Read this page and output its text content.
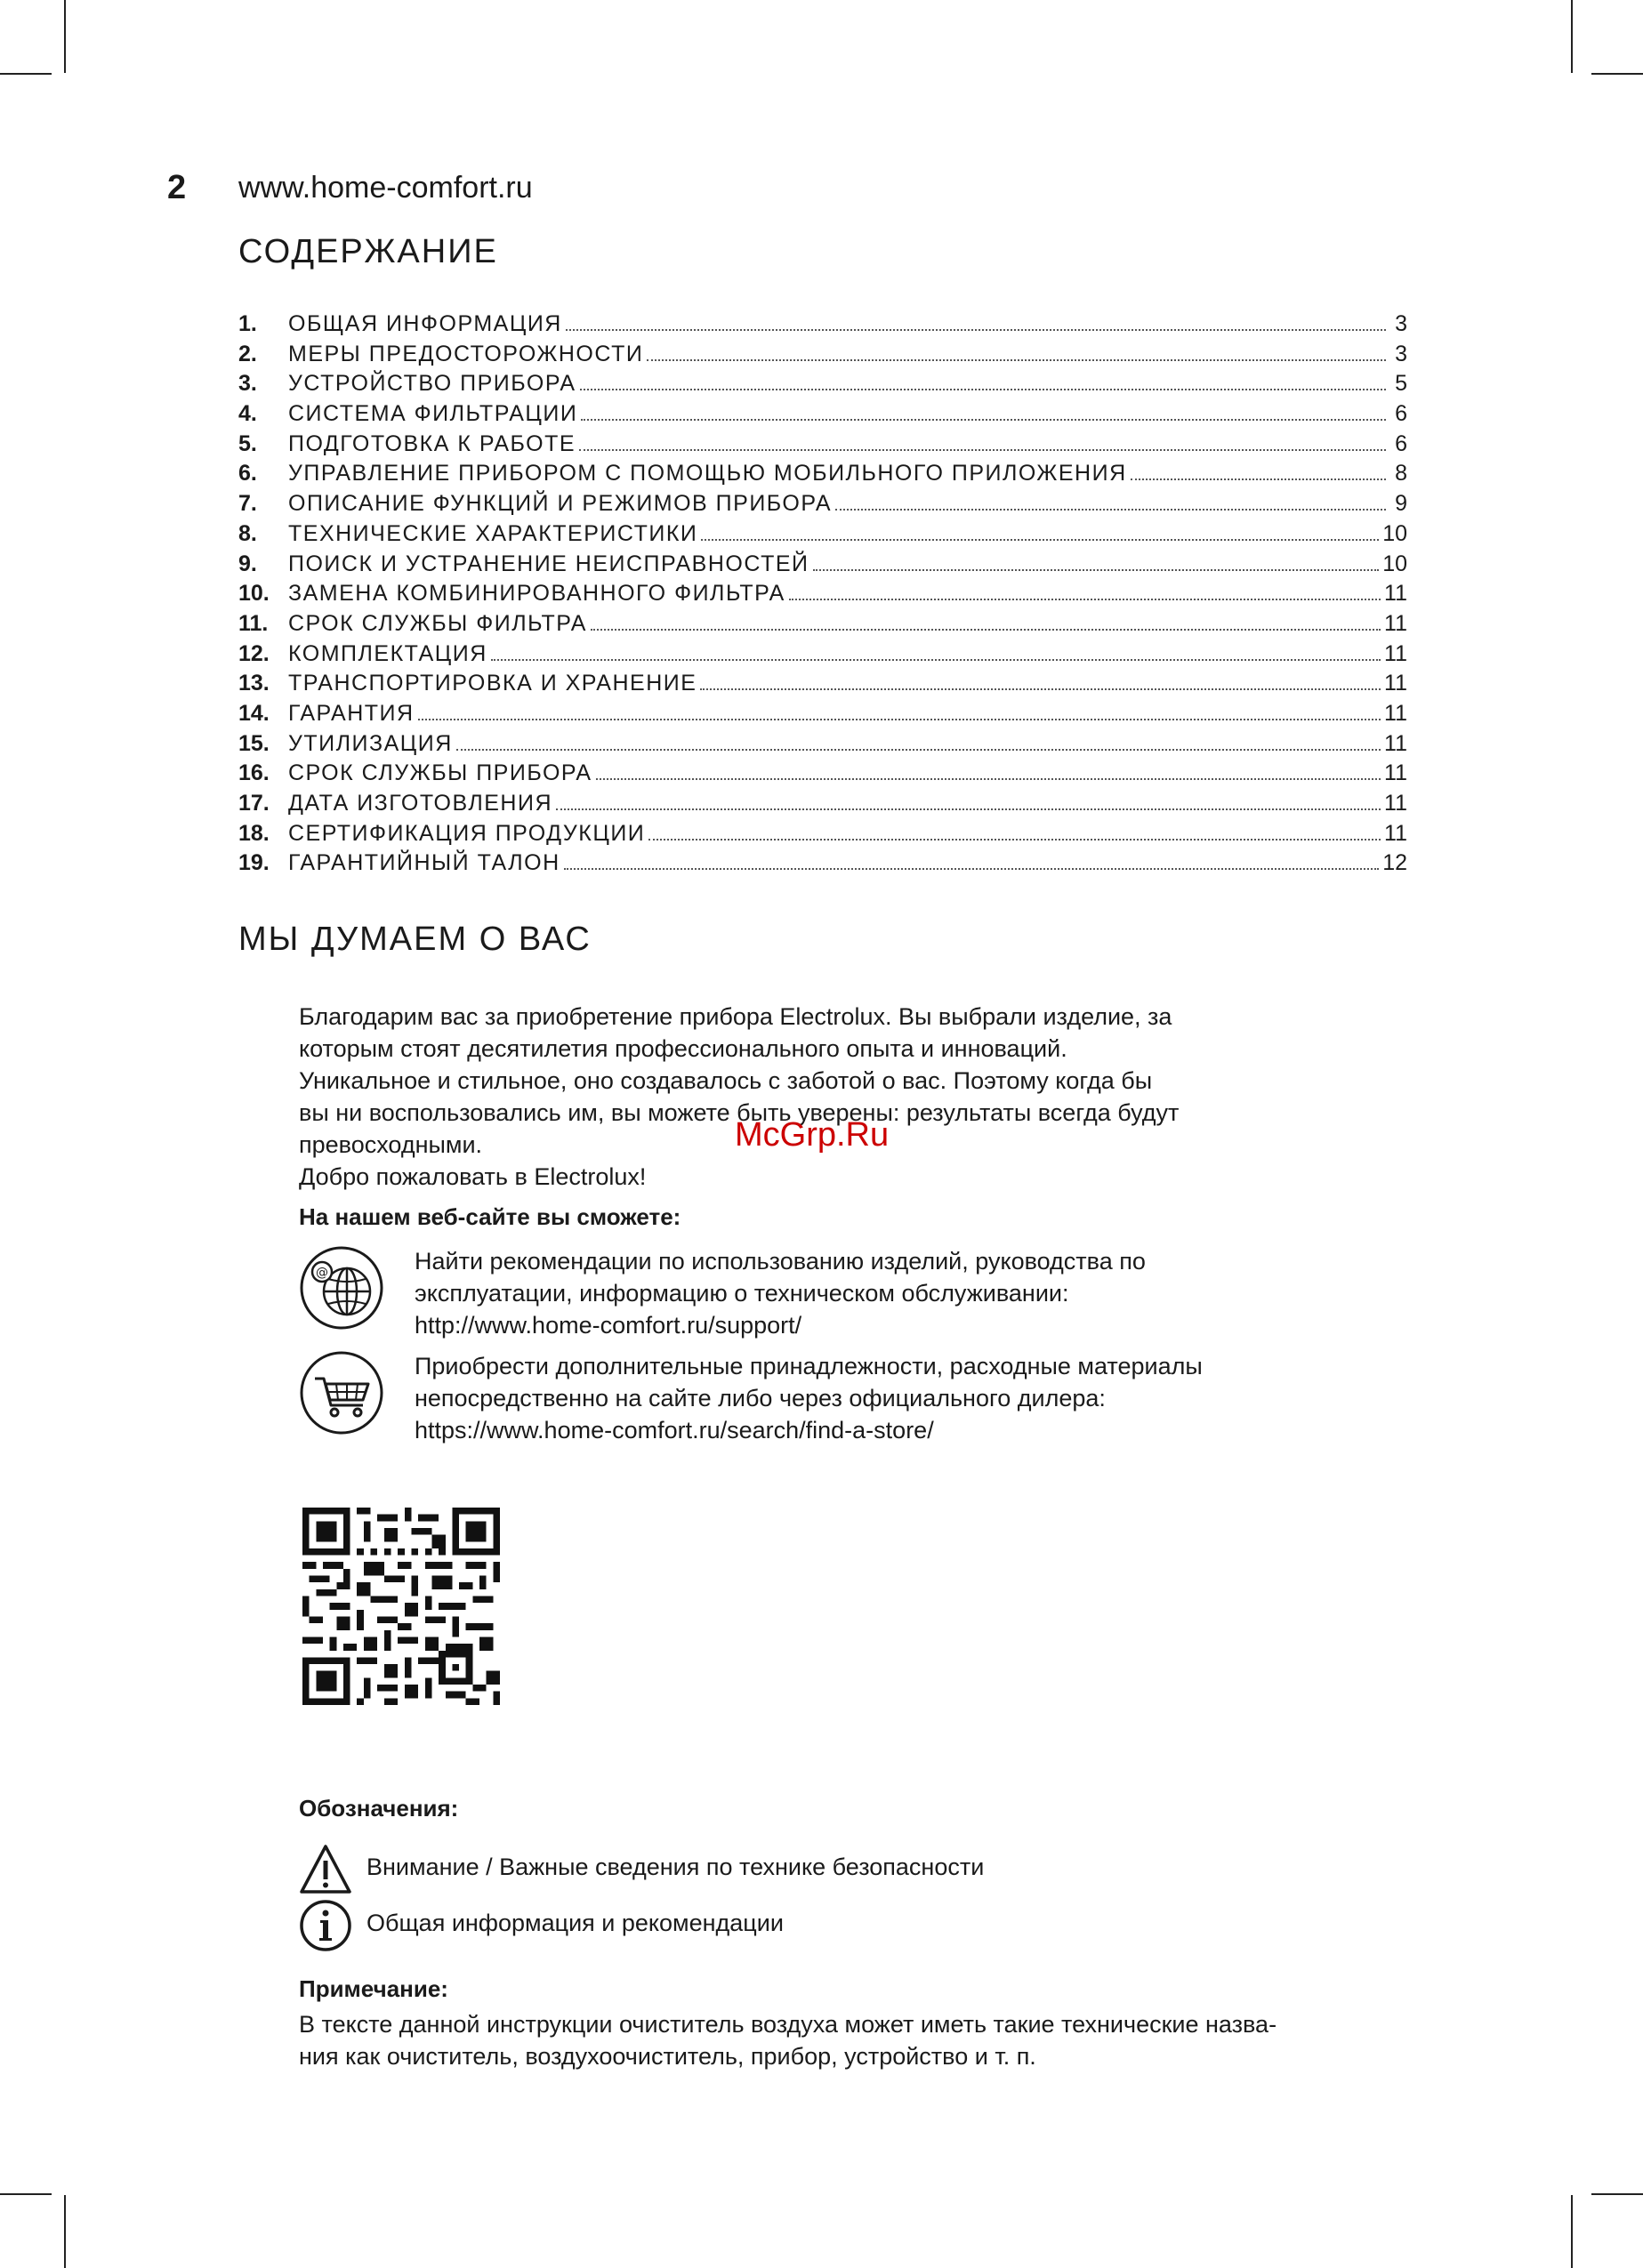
2 www.home-comfort.ru
СОДЕРЖАНИЕ
1.	ОБЩАЯ ИНФОРМАЦИЯ	3
2.	МЕРЫ ПРЕДОСТОРОЖНОСТИ	3
3.	УСТРОЙСТВО ПРИБОРА	5
4.	СИСТЕМА ФИЛЬТРАЦИИ	6
5.	ПОДГОТОВКА К РАБОТЕ	6
6.	УПРАВЛЕНИЕ ПРИБОРОМ С ПОМОЩЬЮ МОБИЛЬНОГО ПРИЛОЖЕНИЯ	8
7.	ОПИСАНИЕ ФУНКЦИЙ И РЕЖИМОВ ПРИБОРА	9
8.	ТЕХНИЧЕСКИЕ ХАРАКТЕРИСТИКИ	10
9.	ПОИСК И УСТРАНЕНИЕ НЕИСПРАВНОСТЕЙ	10
10. ЗАМЕНА КОМБИНИРОВАННОГО ФИЛЬТРА	11
11. СРОК СЛУЖБЫ ФИЛЬТРА	11
12. КОМПЛЕКТАЦИЯ	11
13. ТРАНСПОРТИРОВКА И ХРАНЕНИЕ	11
14. ГАРАНТИЯ	11
15. УТИЛИЗАЦИЯ	11
16. СРОК СЛУЖБЫ ПРИБОРА	11
17. ДАТА ИЗГОТОВЛЕНИЯ	11
18. СЕРТИФИКАЦИЯ ПРОДУКЦИИ	11
19. ГАРАНТИЙНЫЙ ТАЛОН	12
МЫ ДУМАЕМ О ВАС
Благодарим вас за приобретение прибора Electrolux. Вы выбрали изделие, за
которым стоят десятилетия профессионального опыта и инноваций.
Уникальное и стильное, оно создавалось с заботой о вас. Поэтому когда бы
вы ни воспользовались им, вы можете быть уверены: результаты всегда будут
превосходными.
Добро пожаловать в Electrolux!
На нашем веб-сайте вы сможете:
@	Найти рекомендации по использованию изделий, руководства по
эксплуатации, информацию о техническом обслуживании:
http://www.home-comfort.ru/support/
Приобрести дополнительные принадлежности, расходные материалы
непосредственно на сайте либо через официального дилера:
https://www.home-comfort.ru/search/find-a-store/
Обозначения:
Внимание / Важные сведения по технике безопасности
Общая информация и рекомендации
Примечание:
В тексте данной инструкции очиститель воздуха может иметь такие технические назва-
ния как очиститель, воздухоочиститель, прибор, устройство и т. п.
McGrp.Ru
